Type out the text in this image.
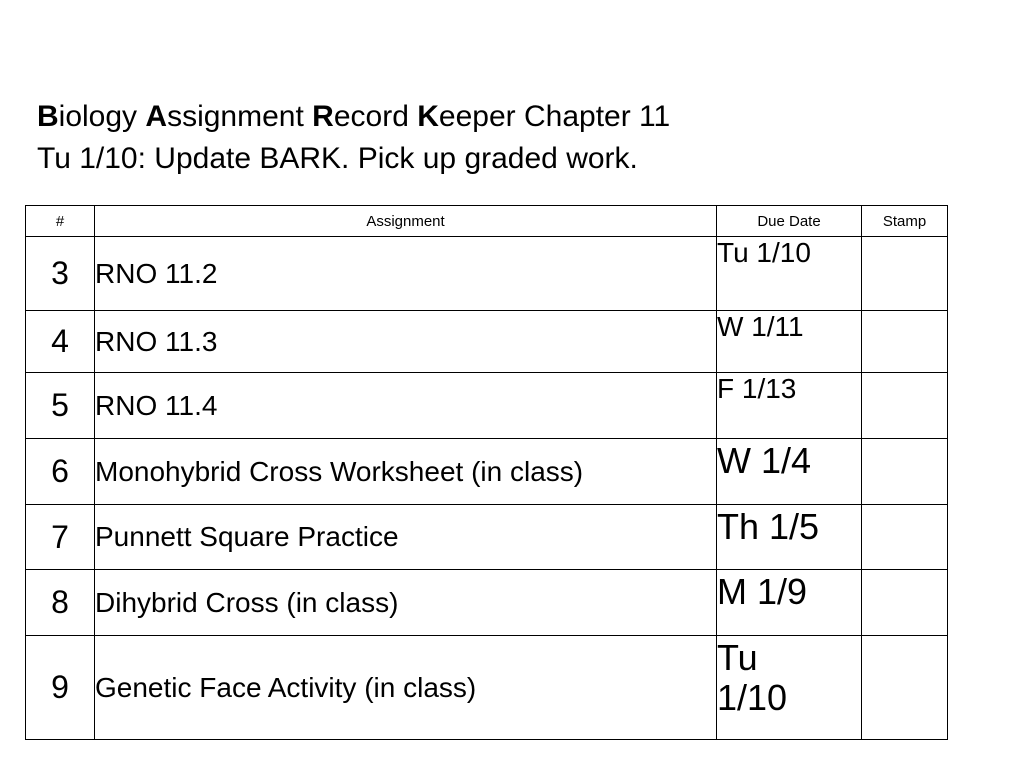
Biology Assignment Record Keeper Chapter 11
Tu 1/10: Update BARK. Pick up graded work.
#	Assignment	Due Date	Stamp
3	RNO 11.2	Tu 1/10	
4	RNO 11.3	W 1/11	
5	RNO 11.4	F 1/13	
6	Monohybrid Cross Worksheet (in class)	W 1/4	
7	Punnett Square Practice	Th 1/5	
8	Dihybrid Cross (in class)	M 1/9	
9	Genetic Face Activity (in class)	Tu 1/10	
